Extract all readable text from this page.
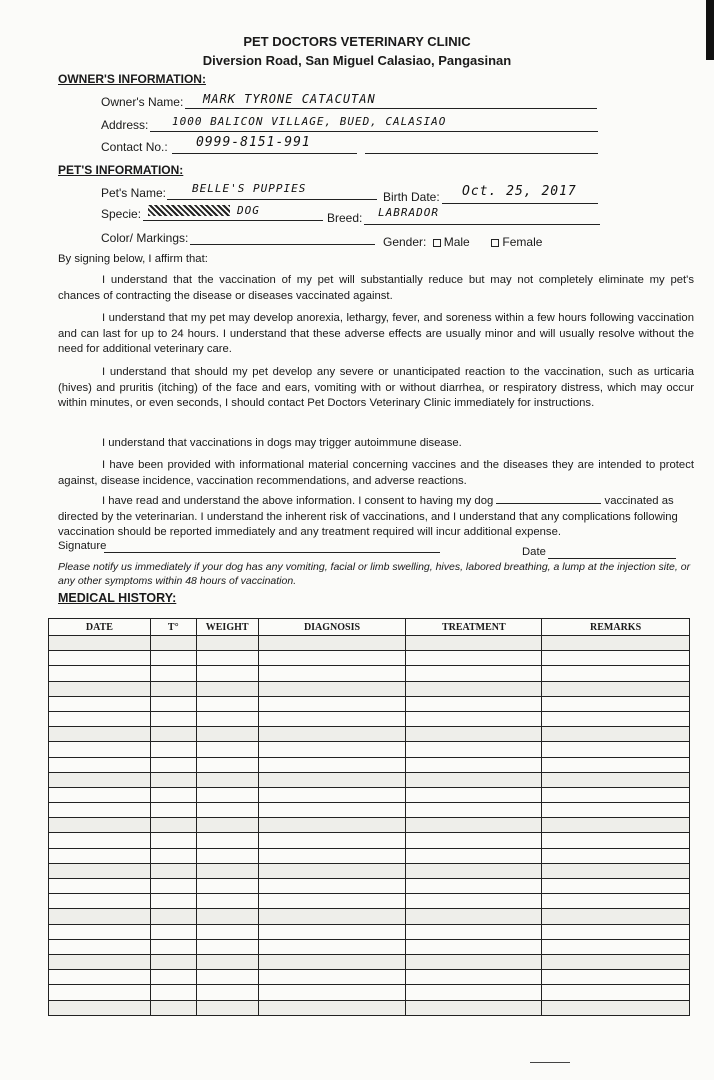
PET DOCTORS VETERINARY CLINIC
Diversion Road, San Miguel Calasiao, Pangasinan
OWNER'S INFORMATION:
Owner's Name: MARK TYRONE CATACUTAN
Address: 1000 BALICON VILLAGE, BUED, CALASIAO
Contact No.: 0999-8151-991
PET'S INFORMATION:
Pet's Name: BELLE'S PUPPIES
Birth Date: Oct. 25, 2017
Specie:	DOG
Breed: LABRADOR
Color/ Markings:	Gender: Male	Female
By signing below, I affirm that:
I understand that the vaccination of my pet will substantially reduce but may not completely eliminate my pet's chances of contracting the disease or diseases vaccinated against.
I understand that my pet may develop anorexia, lethargy, fever, and soreness within a few hours following vaccination and can last for up to 24 hours. I understand that these adverse effects are usually minor and will usually resolve without the need for additional veterinary care.
I understand that should my pet develop any severe or unanticipated reaction to the vaccination, such as urticaria (hives) and pruritis (itching) of the face and ears, vomiting with or without diarrhea, or respiratory distress, which may occur within minutes, or even seconds, I should contact Pet Doctors Veterinary Clinic immediately for instructions.
I understand that vaccinations in dogs may trigger autoimmune disease.
I have been provided with informational material concerning vaccines and the diseases they are intended to protect against, disease incidence, vaccination recommendations, and adverse reactions.
I have read and understand the above information. I consent to having my dog	vaccinated as directed by the veterinarian. I understand the inherent risk of vaccinations, and I understand that any complications following vaccination should be reported immediately and any treatment required will incur additional expense.
Signature	Date
Please notify us immediately if your dog has any vomiting, facial or limb swelling, hives, labored breathing, a lump at the injection site, or any other symptoms within 48 hours of vaccination.
MEDICAL HISTORY:
DATE	T°	WEIGHT	DIAGNOSIS	TREATMENT	REMARKS
